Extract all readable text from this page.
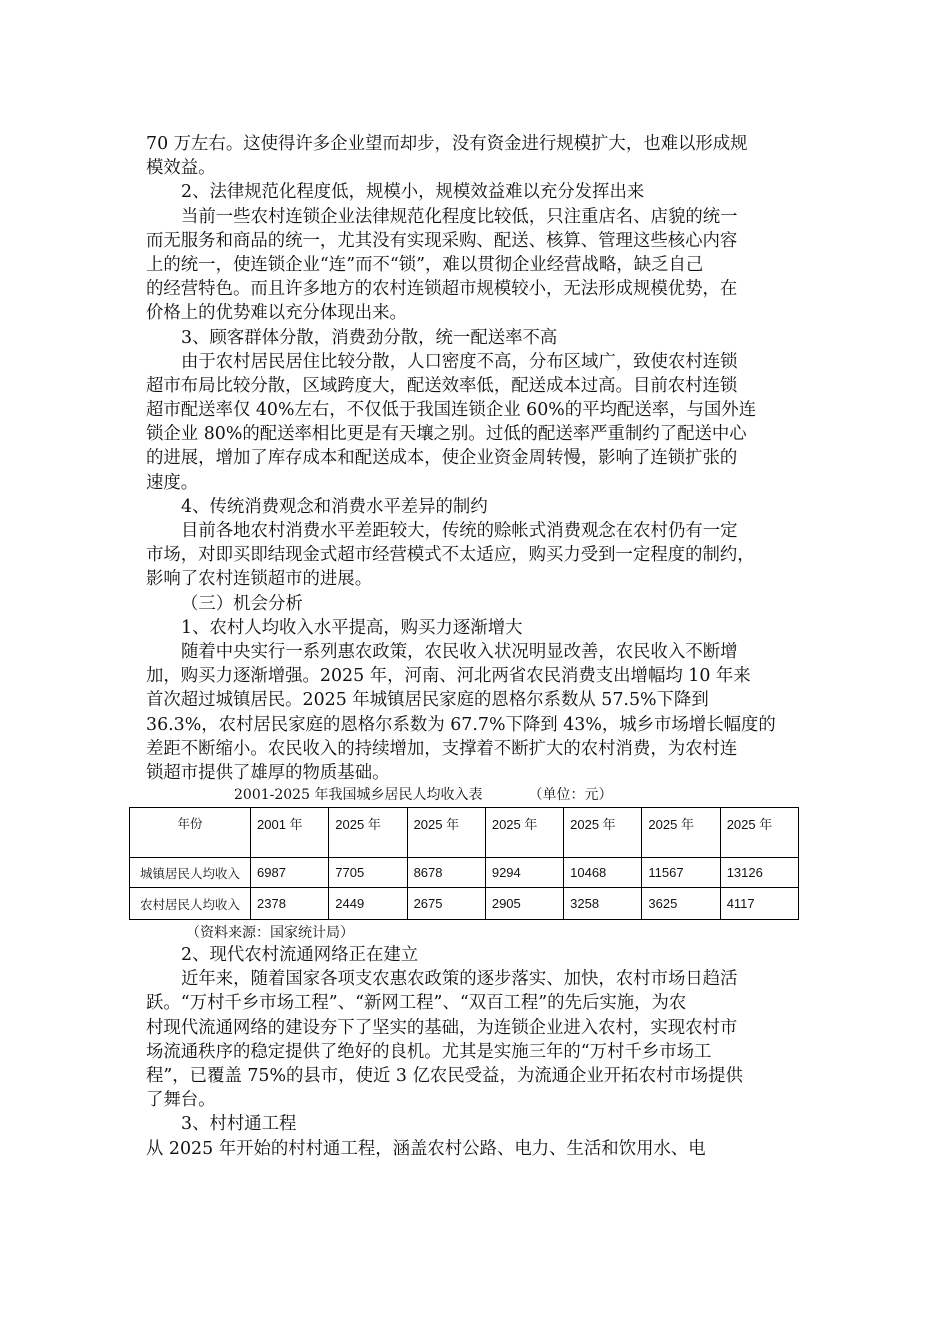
70 万左右。这使得许多企业望而却步，没有资金进行规模扩大，也难以形成规
模效益。
2、法律规范化程度低，规模小，规模效益难以充分发挥出来
当前一些农村连锁企业法律规范化程度比较低，只注重店名、店貌的统一
而无服务和商品的统一，尤其没有实现采购、配送、核算、管理这些核心内容
上的统一，使连锁企业“连”而不“锁”，难以贯彻企业经营战略，缺乏自己
的经营特色。而且许多地方的农村连锁超市规模较小，无法形成规模优势，在
价格上的优势难以充分体现出来。
3、顾客群体分散，消费劲分散，统一配送率不高
由于农村居民居住比较分散，人口密度不高，分布区域广，致使农村连锁
超市布局比较分散，区域跨度大，配送效率低，配送成本过高。目前农村连锁
超市配送率仅 40%左右，不仅低于我国连锁企业 60%的平均配送率，与国外连
锁企业 80%的配送率相比更是有天壤之别。过低的配送率严重制约了配送中心
的进展，增加了库存成本和配送成本，使企业资金周转慢，影响了连锁扩张的
速度。
4、传统消费观念和消费水平差异的制约
目前各地农村消费水平差距较大，传统的赊帐式消费观念在农村仍有一定
市场，对即买即结现金式超市经营模式不太适应，购买力受到一定程度的制约，
影响了农村连锁超市的进展。
（三）机会分析
1、农村人均收入水平提高，购买力逐渐增大
随着中央实行一系列惠农政策，农民收入状况明显改善，农民收入不断增
加，购买力逐渐增强。2025 年，河南、河北两省农民消费支出增幅均 10 年来
首次超过城镇居民。2025 年城镇居民家庭的恩格尔系数从 57.5%下降到
36.3%，农村居民家庭的恩格尔系数为 67.7%下降到 43%，城乡市场增长幅度的
差距不断缩小。农民收入的持续增加，支撑着不断扩大的农村消费，为农村连
锁超市提供了雄厚的物质基础。
2001-2025 年我国城乡居民人均收入表	（单位：元）
年份	2001 年	2025 年	2025 年	2025 年	2025 年	2025 年	2025 年
城镇居民人均收入	6987	7705	8678	9294	10468	11567	13126
农村居民人均收入	2378	2449	2675	2905	3258	3625	4117
（资料来源：国家统计局）
2、现代农村流通网络正在建立
近年来，随着国家各项支农惠农政策的逐步落实、加快，农村市场日趋活
跃。“万村千乡市场工程”、“新网工程”、“双百工程”的先后实施，为农
村现代流通网络的建设夯下了坚实的基础，为连锁企业进入农村，实现农村市
场流通秩序的稳定提供了绝好的良机。尤其是实施三年的“万村千乡市场工
程”，已覆盖 75%的县市，使近 3 亿农民受益，为流通企业开拓农村市场提供
了舞台。
3、村村通工程
从 2025 年开始的村村通工程，涵盖农村公路、电力、生活和饮用水、电
